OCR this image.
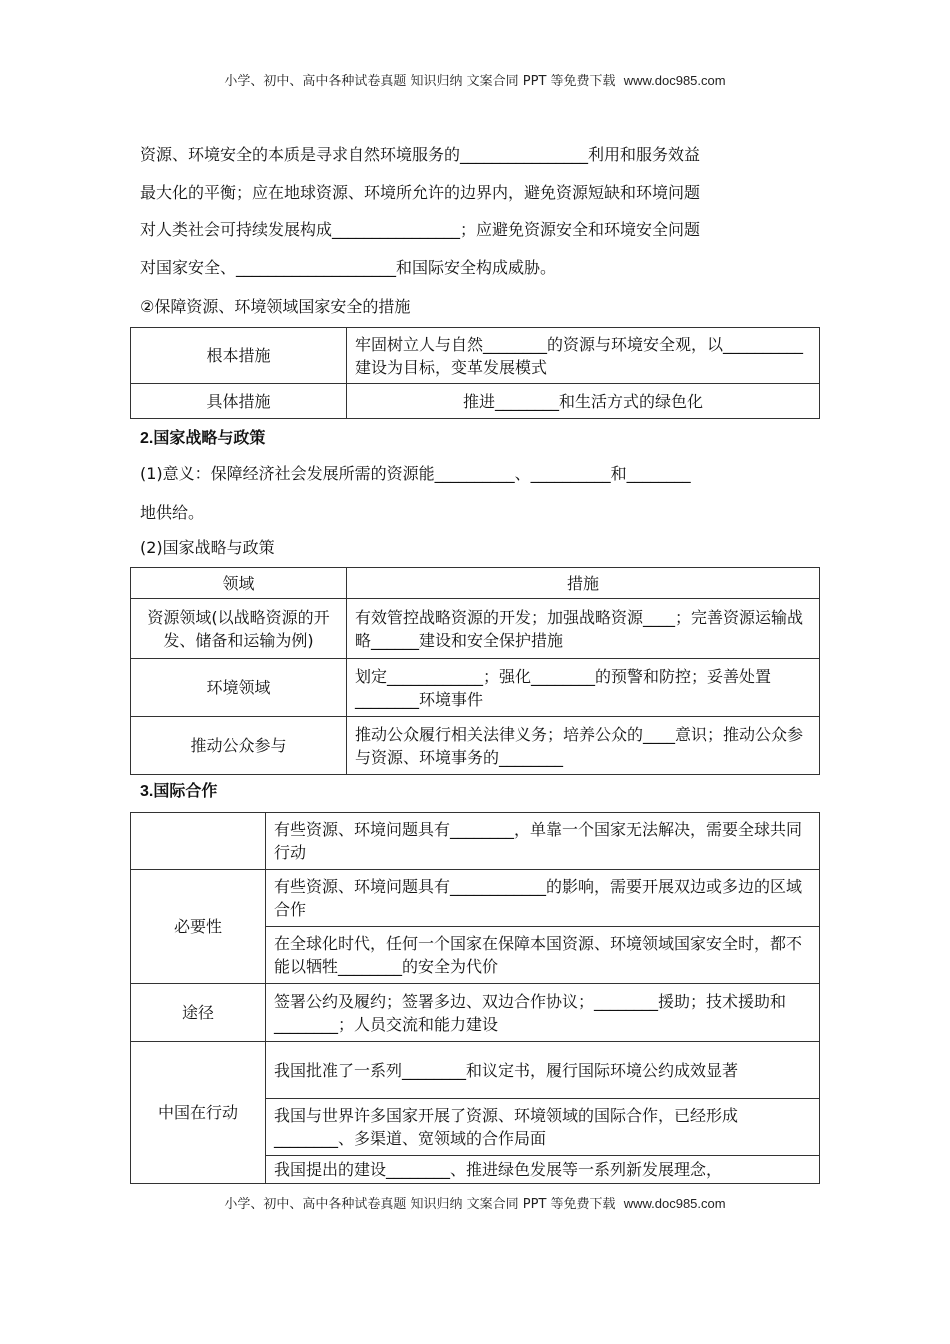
小学、初中、高中各种试卷真题 知识归纳 文案合同 PPT 等免费下载 www.doc985.com

资源、环境安全的本质是寻求自然环境服务的________________利用和服务效益

最大化的平衡；应在地球资源、环境所允许的边界内，避免资源短缺和环境问题

对人类社会可持续发展构成________________；应避免资源安全和环境安全问题

对国家安全、____________________和国际安全构成威胁。

②保障资源、环境领域国家安全的措施
根本措施	牢固树立人与自然________的资源与环境安全观，以__________建设为目标，变革发展模式
具体措施	推进________和生活方式的绿色化
2.国家战略与政策
(1)意义：保障经济社会发展所需的资源能__________、__________和________
地供给。
(2)国家战略与政策
领域	措施
资源领域(以战略资源的开发、储备和运输为例)	有效管控战略资源的开发；加强战略资源____；完善资源运输战略______建设和安全保护措施
环境领域	划定____________；强化________的预警和防控；妥善处置________环境事件
推动公众参与	推动公众履行相关法律义务；培养公众的____意识；推动公众参与资源、环境事务的________
3.国际合作
	有些资源、环境问题具有________，单靠一个国家无法解决，需要全球共同行动
必要性	有些资源、环境问题具有____________的影响，需要开展双边或多边的区域合作
	在全球化时代，任何一个国家在保障本国资源、环境领域国家安全时，都不能以牺牲________的安全为代价
途径	签署公约及履约；签署多边、双边合作协议；________援助；技术援助和________；人员交流和能力建设
中国在行动	我国批准了一系列________和议定书，履行国际环境公约成效显著
	我国与世界许多国家开展了资源、环境领域的国际合作，已经形成________、多渠道、宽领域的合作局面
	我国提出的建设________、推进绿色发展等一系列新发展理念，
小学、初中、高中各种试卷真题 知识归纳 文案合同 PPT 等免费下载 www.doc985.com
